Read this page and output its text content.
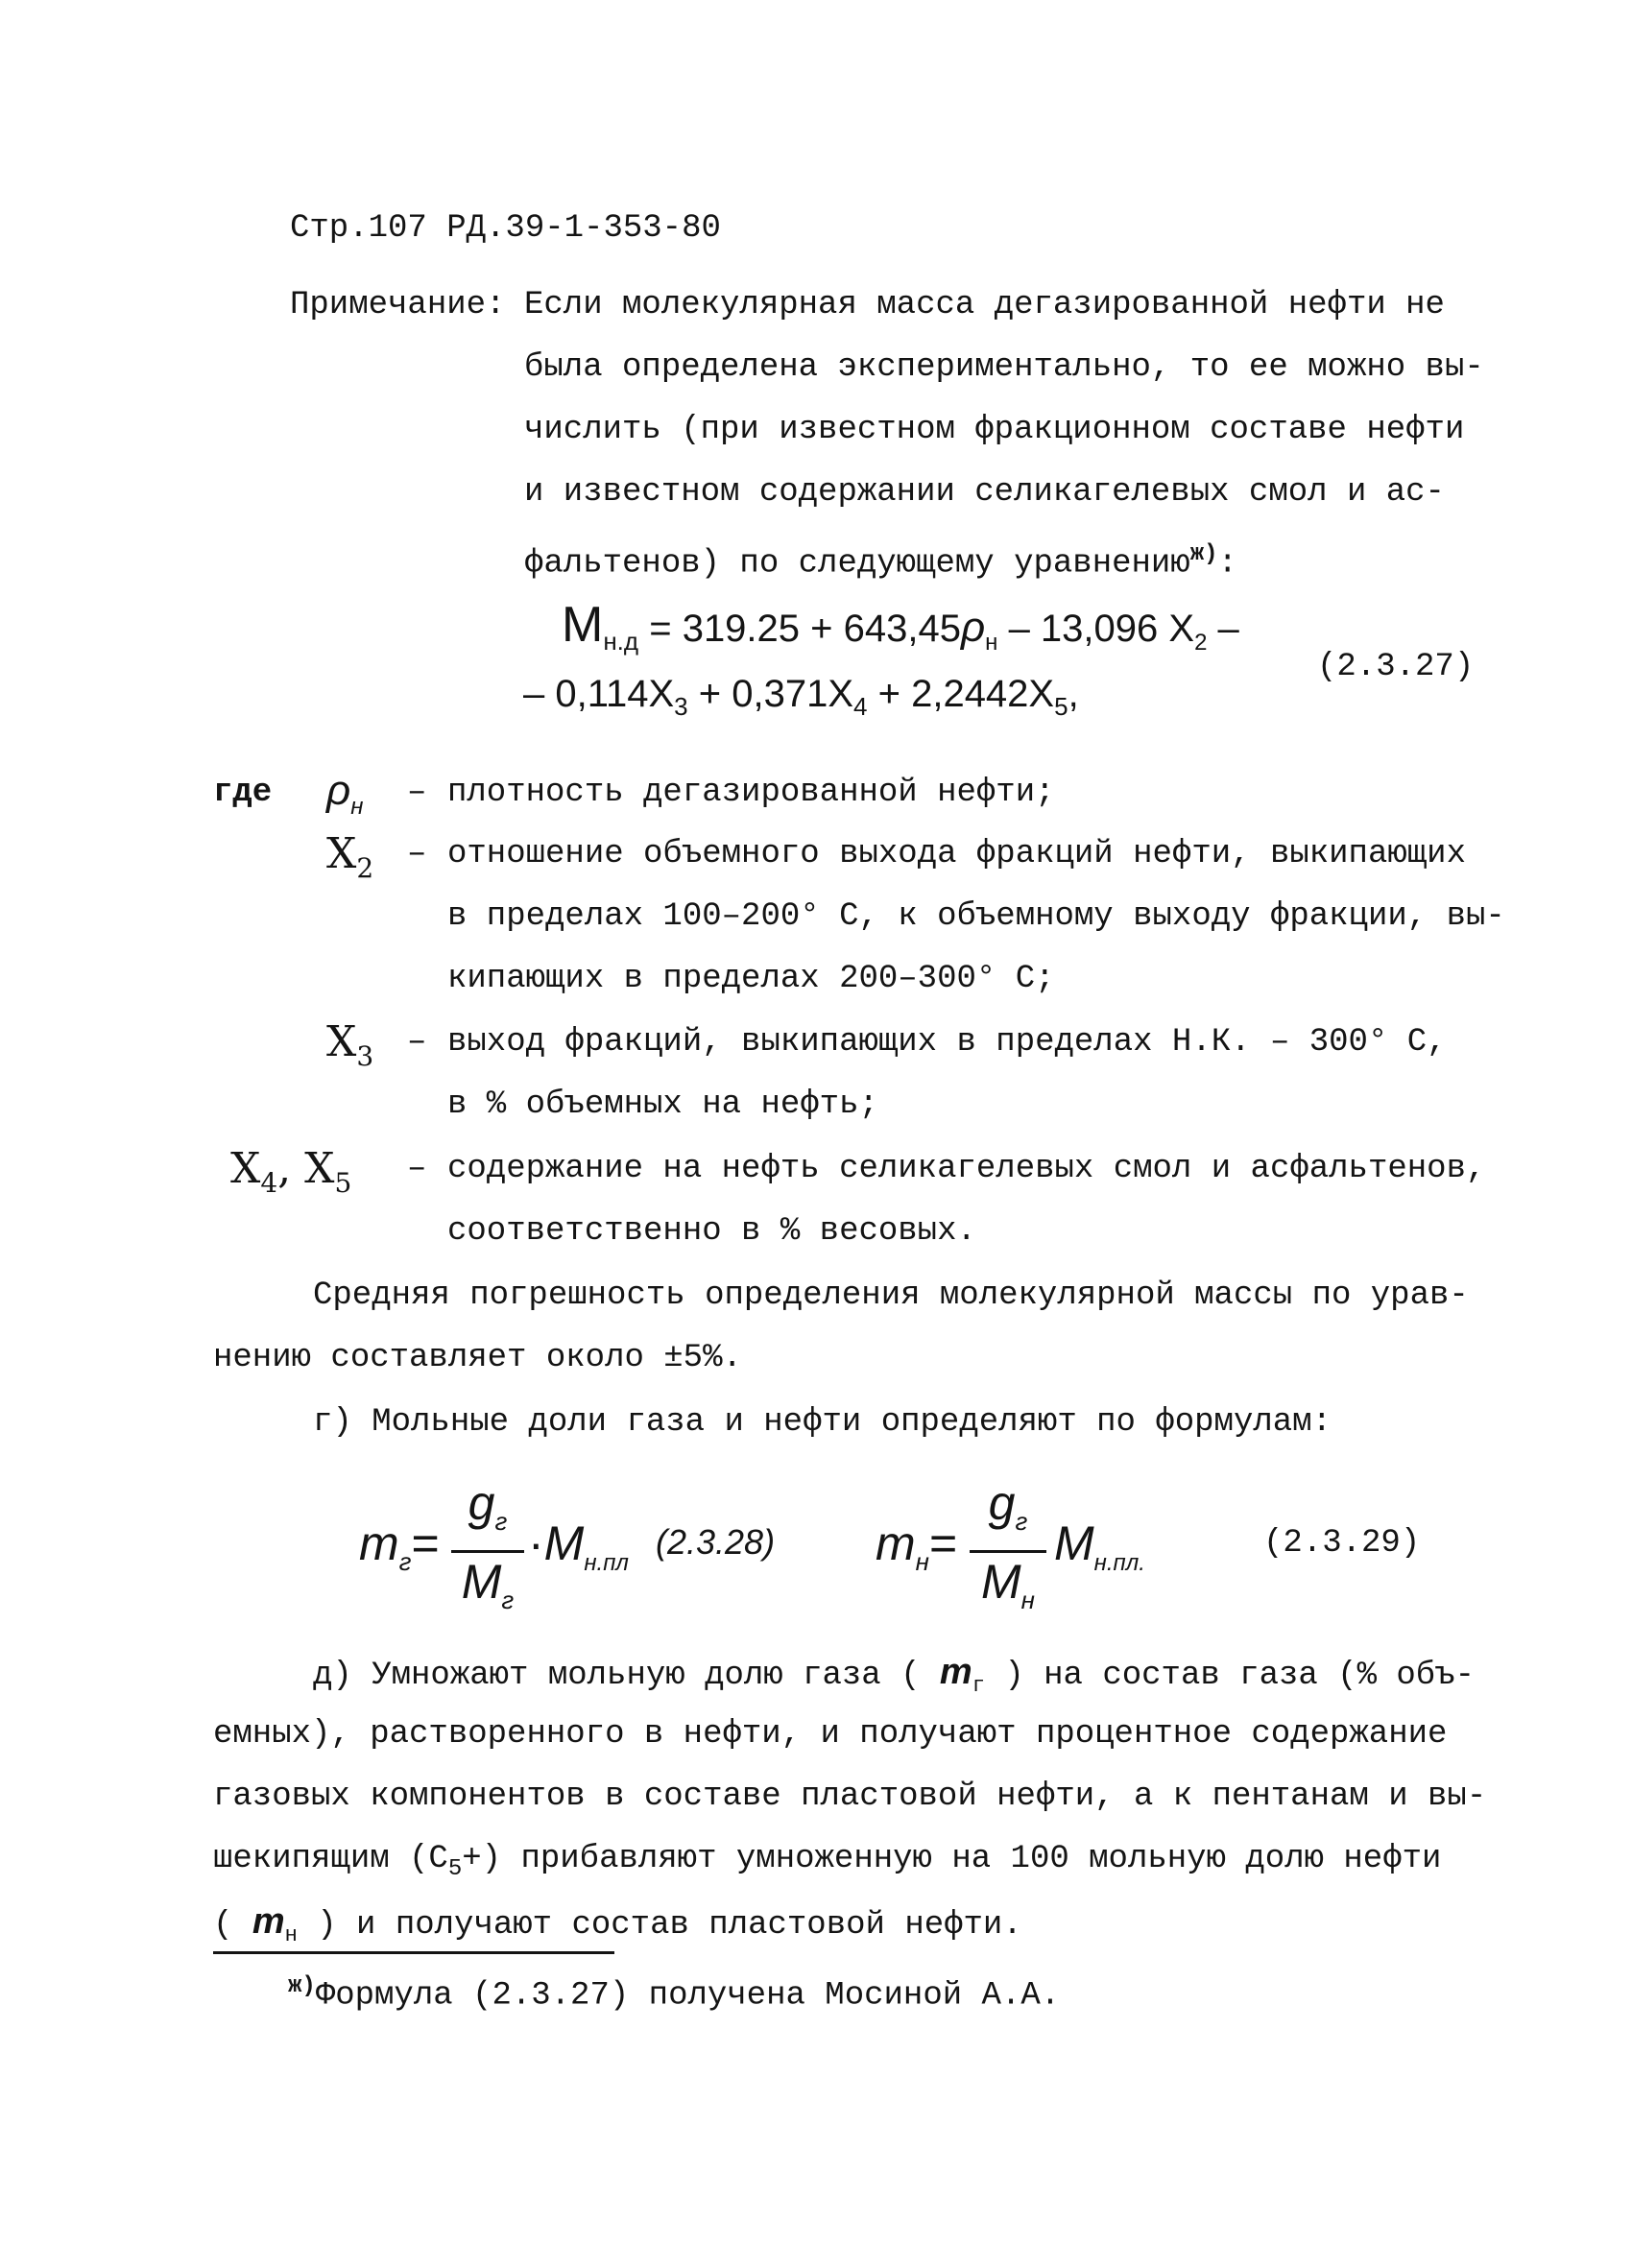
Стр.107 РД.39-1-353-80
Примечание: Если молекулярная масса дегазированной нефти не
была определена экспериментально, то ее можно вы-
числить (при известном фракционном составе нефти
и известном содержании селикагелевых смол и ас-
фальтенов) по следующему уравнению$^{ж)}$:
$М_{н.д} = 319.25 + 643,45\rho_н - 13,096$ $X_2$ –
– $0,114X_3 + 0,371X_4 + 2,2442X_5$,
(2.3.27)
где $\rho_н$ – плотность дегазированной нефти;
$X_2$ – отношение объемного выхода фракций нефти, выкипающих
в пределах 100–200° С, к объемному выходу фракции, вы-
кипающих в пределах 200–300° С;
$X_3$ – выход фракций, выкипающих в пределах Н.К. – 300° С,
в % объемных на нефть;
$X_4$, $X_5$ – содержание на нефть селикагелевых смол и асфальтенов,
соответственно в % весовых.
Средняя погрешность определения молекулярной массы по урав-
нению составляет около ±5%.
г) Мольные доли газа и нефти определяют по формулам:
$m_г=$
$g_г$
$M_г$
$\cdot M_{н.пл}$
(2.3.28) $m_н=$
$g_г$
$M_н$
$M_{н.пл.}$
(2.3.29)
д) Умножают мольную долю газа ( $m_г$ ) на состав газа (% объ-
емных), растворенного в нефти, и получают процентное содержание
газовых компонентов в составе пластовой нефти, а к пентанам и вы-
шекипящим $(С_5+)$ прибавляют умноженную на 100 мольную долю нефти
( $m_н$ ) и получают состав пластовой нефти.
$^{ж)}$Формула (2.3.27) получена Мосиной А.А.
